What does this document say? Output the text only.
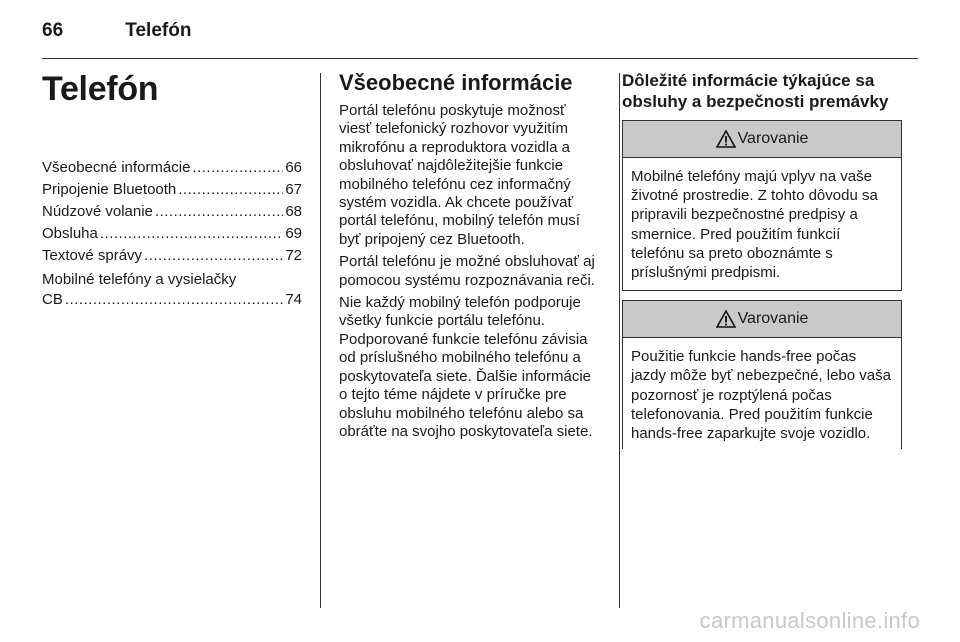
66	Telefón
Telefón
Všeobecné informácie .....	66
Pripojenie Bluetooth .....	67
Núdzové volanie .....	68
Obsluha .....	69
Textové správy .....	72
Mobilné telefóny a vysielačky
CB .....	74
Všeobecné informácie

Portál telefónu poskytuje možnosť viesť telefonický rozhovor využitím mikrofónu a reproduktora vozidla a obsluhovať najdôležitejšie funkcie mobilného telefónu cez informačný systém vozidla. Ak chcete používať portál telefónu, mobilný telefón musí byť pripojený cez Bluetooth.

Portál telefónu je možné obsluhovať aj pomocou systému rozpoznávania reči.

Nie každý mobilný telefón podporuje všetky funkcie portálu telefónu. Podporované funkcie telefónu závisia od príslušného mobilného telefónu a poskytovateľa siete. Ďalšie informácie o tejto téme nájdete v príručke pre obsluhu mobilného telefónu alebo sa obráťte na svojho poskytovateľa siete.

Dôležité informácie týkajúce sa obsluhy a bezpečnosti premávky
Varovanie
Mobilné telefóny majú vplyv na vaše životné prostredie. Z tohto dôvodu sa pripravili bezpečnostné predpisy a smernice. Pred použitím funkcií telefónu sa preto oboznámte s príslušnými predpismi.
Varovanie
Použitie funkcie hands-free počas jazdy môže byť nebezpečné, lebo vaša pozornosť je rozptýlená počas telefonovania. Pred použitím funkcie hands-free zaparkujte svoje vozidlo.
carmanualsonline.info
